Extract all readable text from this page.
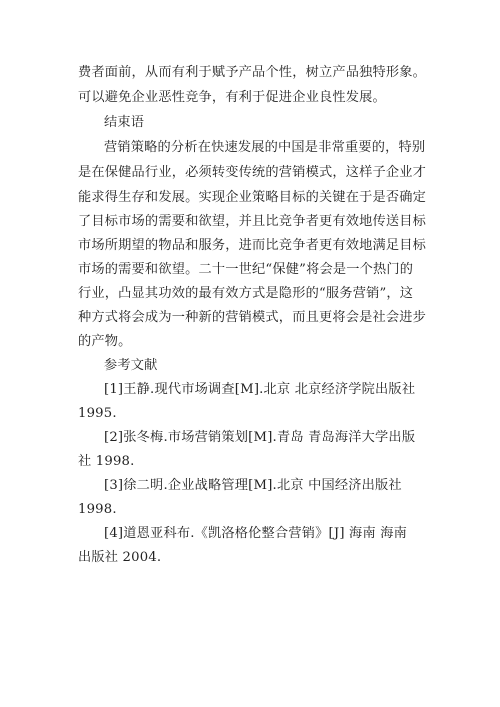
费者面前，从而有利于赋予产品个性，树立产品独特形象。
可以避免企业恶性竞争，有利于促进企业良性发展。
结束语
营销策略的分析在快速发展的中国是非常重要的，特别
是在保健品行业，必须转变传统的营销模式，这样子企业才
能求得生存和发展。实现企业策略目标的关键在于是否确定
了目标市场的需要和欲望，并且比竞争者更有效地传送目标
市场所期望的物品和服务，进而比竞争者更有效地满足目标
市场的需要和欲望。二十一世纪“保健”将会是一个热门的
行业，凸显其功效的最有效方式是隐形的“服务营销”，这
种方式将会成为一种新的营销模式，而且更将会是社会进步
的产物。
参考文献
[1]王静.现代市场调查[M].北京 北京经济学院出版社
1995.
[2]张冬梅.市场营销策划[M].青岛 青岛海洋大学出版
社 1998.
[3]徐二明.企业战略管理[M].北京 中国经济出版社
1998.
[4]道恩亚科布.《凯洛格伦整合营销》[J] 海南 海南
出版社 2004.
